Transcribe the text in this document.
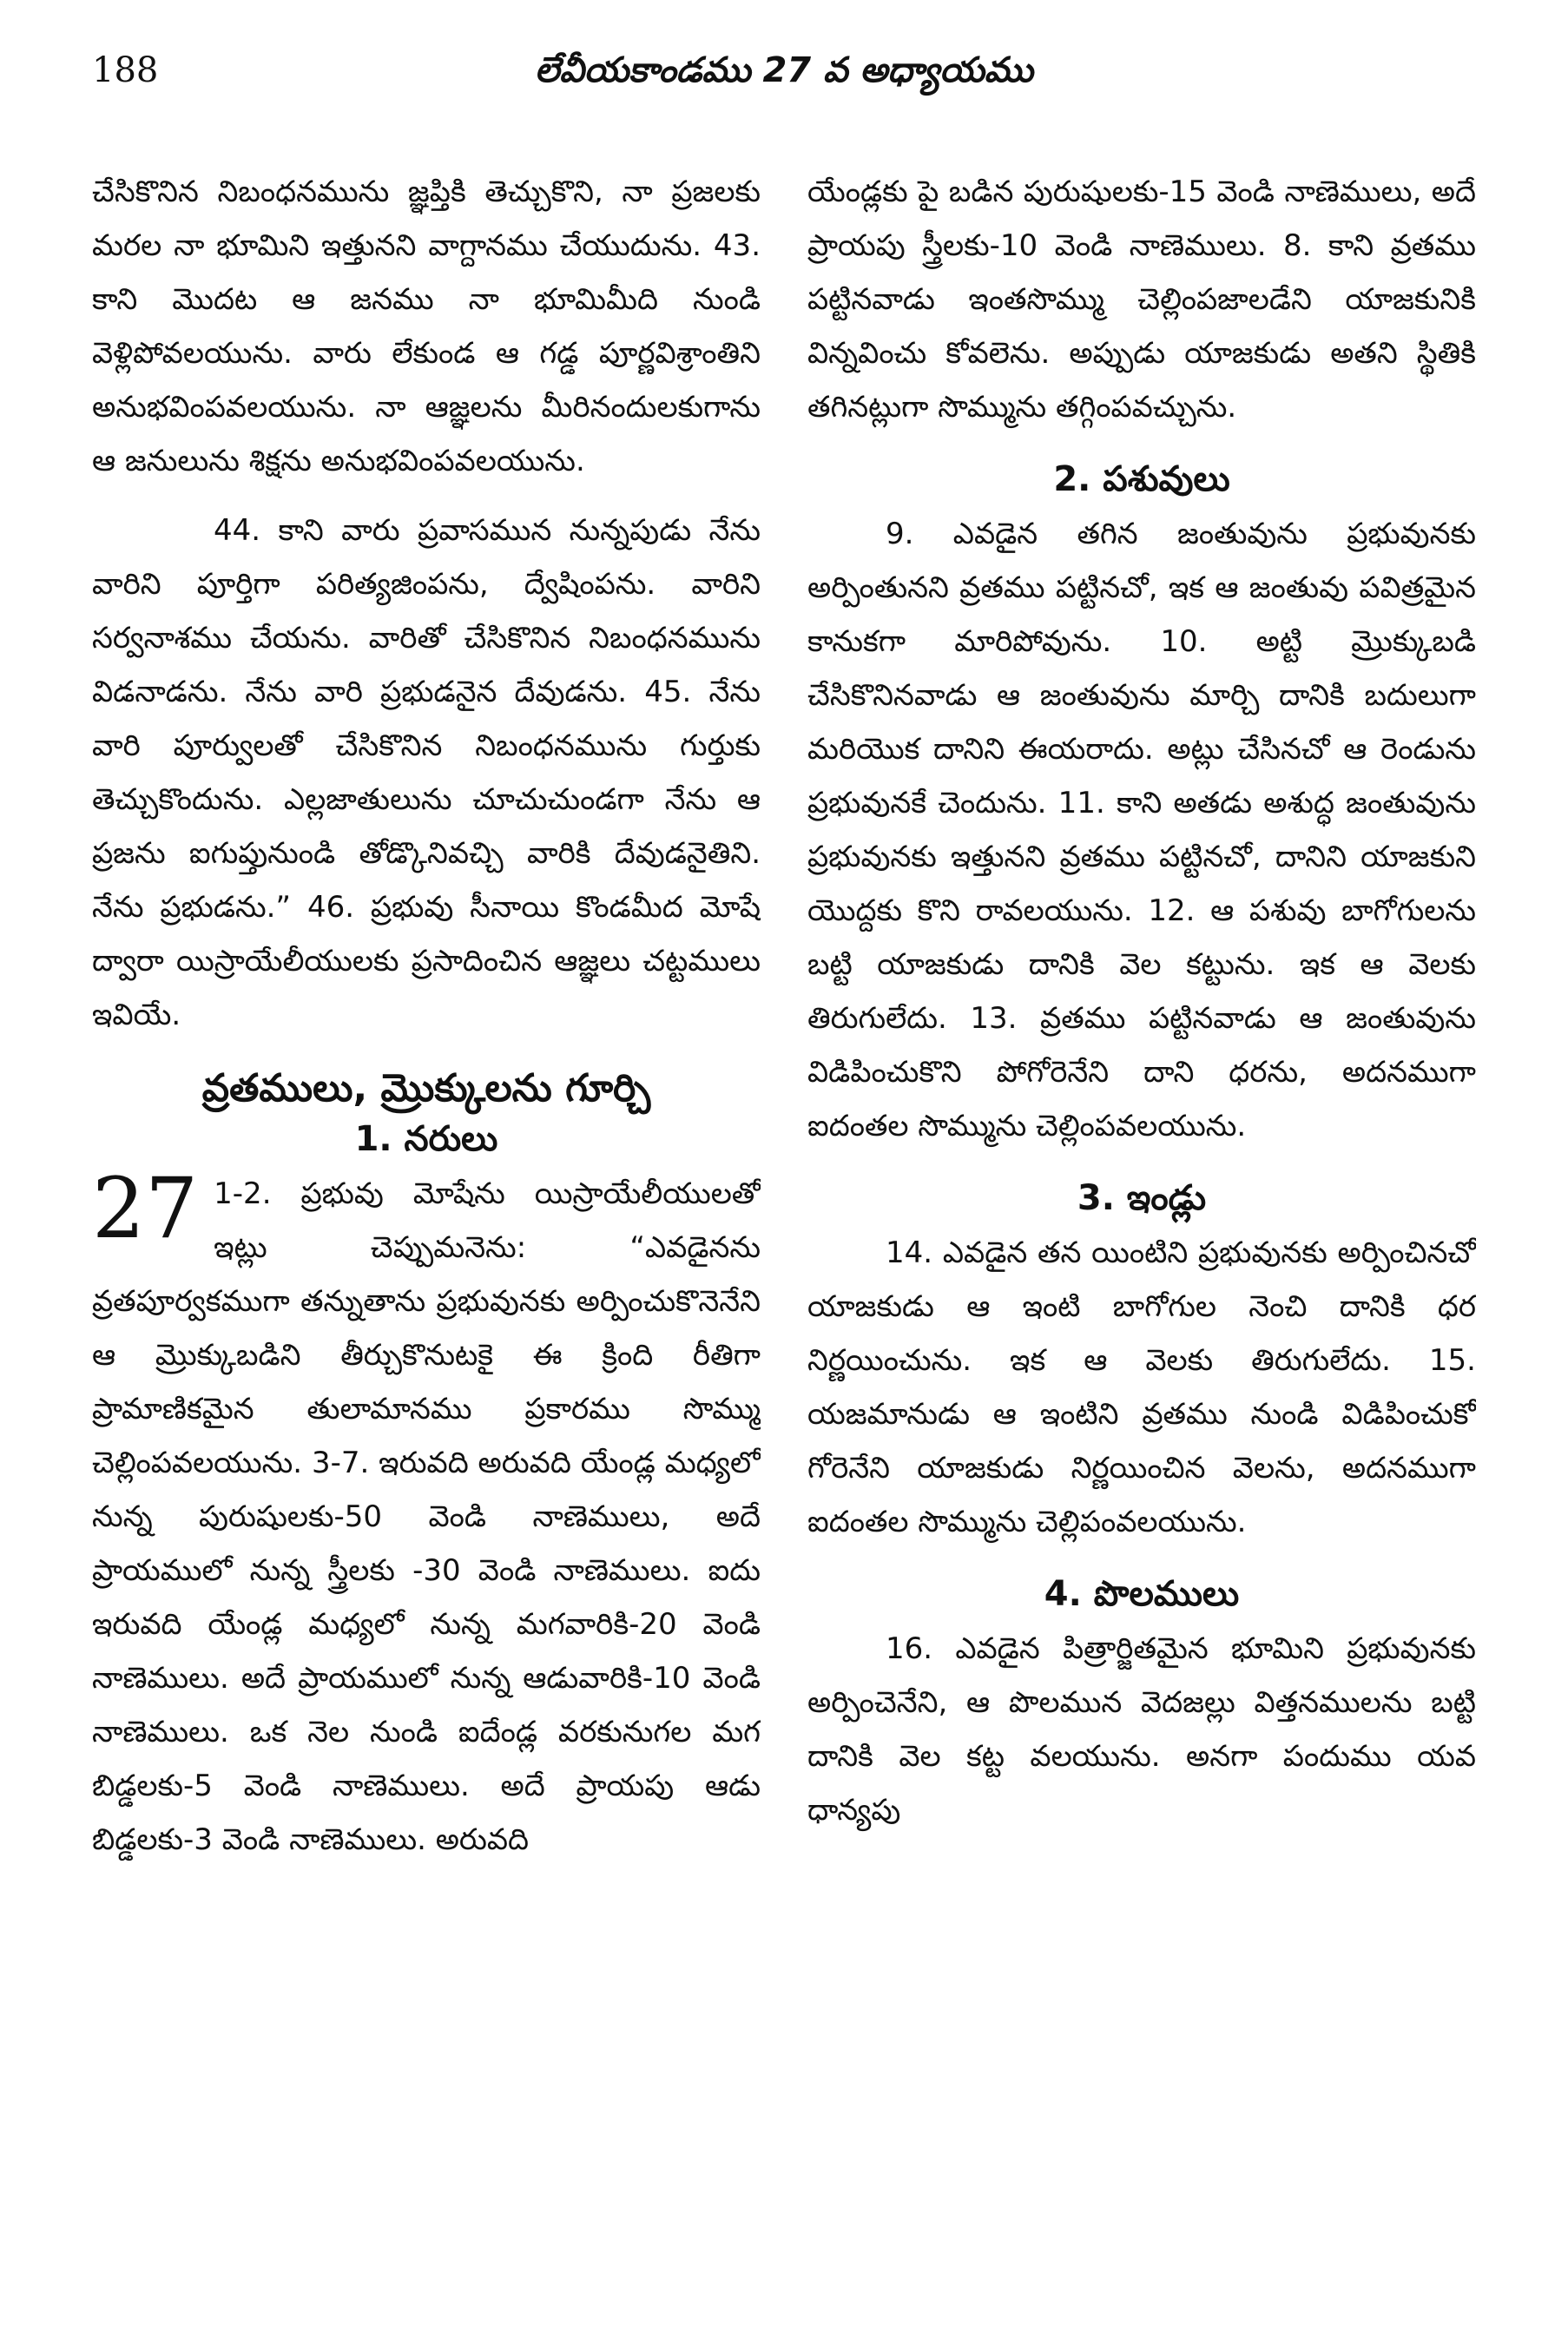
188	లేవీయకాండము 27 వ అధ్యాయము

చేసికొనిన నిబంధనమును జ్ఞప్తికి తెచ్చుకొని, నా ప్రజలకు మరల నా భూమిని ఇత్తునని వాగ్దానము చేయుదును. 43. కాని మొదట ఆ జనము నా భూమిమీది నుండి వెళ్లిపోవలయును. వారు లేకుండ ఆ గడ్డ పూర్ణవిశ్రాంతిని అనుభవింపవలయును. నా ఆజ్ఞలను మీరినందులకుగాను ఆ జనులును శిక్షను అనుభవింపవలయును.

44. కాని వారు ప్రవాసమున నున్నపుడు నేను వారిని పూర్తిగా పరిత్యజింపను, ద్వేషింపను. వారిని సర్వనాశము చేయను. వారితో చేసికొనిన నిబంధనమును విడనాడను. నేను వారి ప్రభుడనైన దేవుడను. 45. నేను వారి పూర్వులతో చేసికొనిన నిబంధనమును గుర్తుకు తెచ్చుకొందును. ఎల్లజాతులును చూచుచుండగా నేను ఆ ప్రజను ఐగుప్తునుండి తోడ్కొనివచ్చి వారికి దేవుడనైతిని. నేను ప్రభుడను.” 46. ప్రభువు సీనాయి కొండమీద మోషే ద్వారా యిస్రాయేలీయులకు ప్రసాదించిన ఆజ్ఞలు చట్టములు ఇవియే.

వ్రతములు, మ్రొక్కులను గూర్చి
1. నరులు

27 1-2. ప్రభువు మోషేను యిస్రాయేలీయులతో ఇట్లు చెప్పుమనెను: “ఎవడైనను వ్రతపూర్వకముగా తన్నుతాను ప్రభువునకు అర్పించుకొనెనేని ఆ మ్రొక్కుబడిని తీర్చుకొనుటకై ఈ క్రింది రీతిగా ప్రామాణికమైన తులామానము ప్రకారము సొమ్ము చెల్లింపవలయును. 3-7. ఇరువది అరువది యేండ్ల మధ్యలో నున్న పురుషులకు-50 వెండి నాణెములు, అదే ప్రాయములో నున్న స్త్రీలకు -30 వెండి నాణెములు. ఐదు ఇరువది యేండ్ల మధ్యలో నున్న మగవారికి-20 వెండి నాణెములు. అదే ప్రాయములో నున్న ఆడువారికి-10 వెండి నాణెములు. ఒక నెల నుండి ఐదేండ్ల వరకునుగల మగ బిడ్డలకు-5 వెండి నాణెములు. అదే ప్రాయపు ఆడు బిడ్డలకు-3 వెండి నాణెములు. అరువది

యేండ్లకు పై బడిన పురుషులకు-15 వెండి నాణెములు, అదే ప్రాయపు స్త్రీలకు-10 వెండి నాణెములు. 8. కాని వ్రతము పట్టినవాడు ఇంతసొమ్ము చెల్లింపజాలడేని యాజకునికి విన్నవించు కోవలెను. అప్పుడు యాజకుడు అతని స్థితికి తగినట్లుగా సొమ్మును తగ్గింపవచ్చును.

2. పశువులు

9. ఎవడైన తగిన జంతువును ప్రభువునకు అర్పింతునని వ్రతము పట్టినచో, ఇక ఆ జంతువు పవిత్రమైన కానుకగా మారిపోవును. 10. అట్టి మ్రొక్కుబడి చేసికొనినవాడు ఆ జంతువును మార్చి దానికి బదులుగా మరియొక దానిని ఈయరాదు. అట్లు చేసినచో ఆ రెండును ప్రభువునకే చెందును. 11. కాని అతడు అశుద్ధ జంతువును ప్రభువునకు ఇత్తునని వ్రతము పట్టినచో, దానిని యాజకుని యొద్దకు కొని రావలయును. 12. ఆ పశువు బాగోగులను బట్టి యాజకుడు దానికి వెల కట్టును. ఇక ఆ వెలకు తిరుగులేదు. 13. వ్రతము పట్టినవాడు ఆ జంతువును విడిపించుకొని పోగోరెనేని దాని ధరను, అదనముగా ఐదంతల సొమ్మును చెల్లింపవలయును.

3. ఇండ్లు

14. ఎవడైన తన యింటిని ప్రభువునకు అర్పించినచో యాజకుడు ఆ ఇంటి బాగోగుల నెంచి దానికి ధర నిర్ణయించును. ఇక ఆ వెలకు తిరుగులేదు. 15. యజమానుడు ఆ ఇంటిని వ్రతము నుండి విడిపించుకో గోరెనేని యాజకుడు నిర్ణయించిన వెలను, అదనముగా ఐదంతల సొమ్మును చెల్లిపంవలయును.

4. పొలములు

16. ఎవడైన పిత్రార్జితమైన భూమిని ప్రభువునకు అర్పించెనేని, ఆ పొలమున వెదజల్లు విత్తనములను బట్టి దానికి వెల కట్ట వలయును. అనగా పందుము యవ ధాన్యపు
